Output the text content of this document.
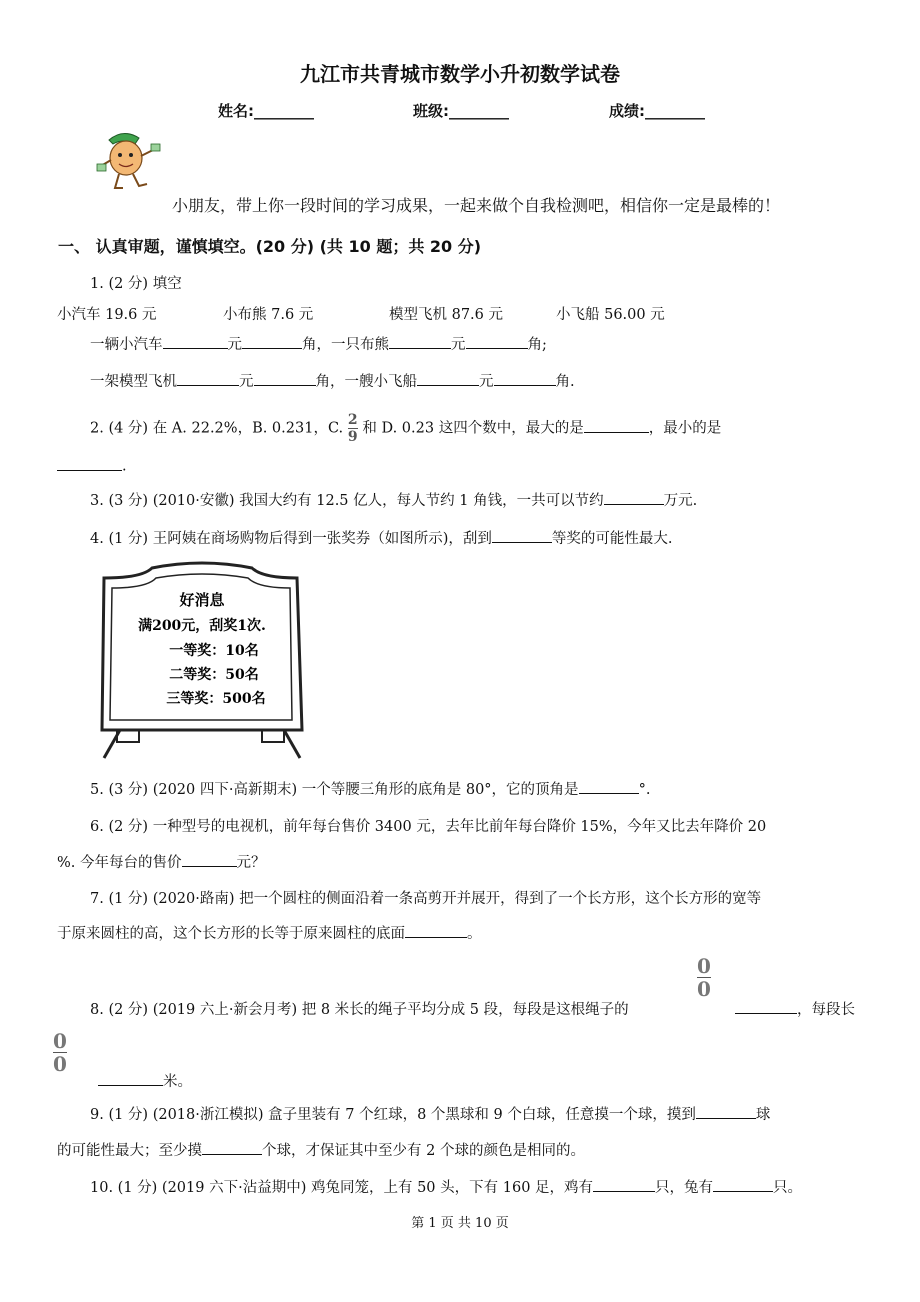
九江市共青城市数学小升初数学试卷
姓名:________	班级:________	成绩:________
小朋友，带上你一段时间的学习成果，一起来做个自我检测吧，相信你一定是最棒的！
一、 认真审题，谨慎填空。(20 分) (共 10 题；共 20 分)
1. (2 分) 填空
小汽车 19.6 元	小布熊 7.6 元	模型飞机 87.6 元	小飞船 56.00 元
一辆小汽车	元	角，一只布熊	元	角;
一架模型飞机	元	角，一艘小飞船	元	角.
2. (4 分) 在 A. 22.2%，B. 0.231，C. $\frac{2}{9}$ 和 D. 0.23 这四个数中，最大的是	，最小的是
.
3. (3 分) (2010·安徽) 我国大约有 12.5 亿人，每人节约 1 角钱，一共可以节约	万元.
4. (1 分) 王阿姨在商场购物后得到一张奖券（如图所示)，刮到	等奖的可能性最大.
好消息
满200元，刮奖1次.
一等奖：10名
二等奖：50名
三等奖：500名
5. (3 分) (2020 四下·高新期末) 一个等腰三角形的底角是 80°，它的顶角是	°.
6. (2 分) 一种型号的电视机，前年每台售价 3400 元，去年比前年每台降价 15%，今年又比去年降价 20
%. 今年每台的售价	元？
7. (1 分) (2020·路南) 把一个圆柱的侧面沿着一条高剪开并展开，得到了一个长方形，这个长方形的宽等
于原来圆柱的高，这个长方形的长等于原来圆柱的底面	。
8. (2 分) (2019 六上·新会月考) 把 8 米长的绳子平均分成 5 段，每段是这根绳子的
$\frac{0}{0}$
，每段长
$\frac{0}{0}$
米。
9. (1 分) (2018·浙江模拟) 盒子里装有 7 个红球，8 个黑球和 9 个白球，任意摸一个球，摸到	球
的可能性最大；至少摸	个球，才保证其中至少有 2 个球的颜色是相同的。
10. (1 分) (2019 六下·沾益期中) 鸡兔同笼，上有 50 头，下有 160 足，鸡有	只，兔有	只。
第 1 页 共 10 页
